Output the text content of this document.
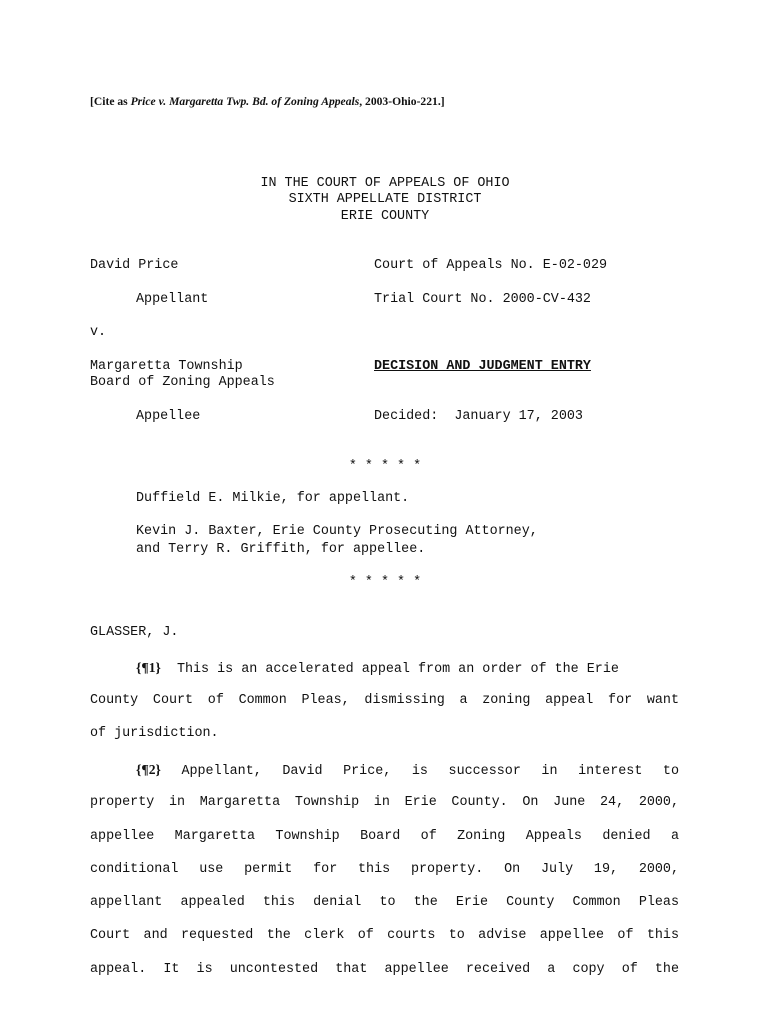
[Cite as Price v. Margaretta Twp. Bd. of Zoning Appeals, 2003-Ohio-221.]
IN THE COURT OF APPEALS OF OHIO
SIXTH APPELLATE DISTRICT
ERIE COUNTY
David Price	Court of Appeals No. E-02-029
Appellant	Trial Court No. 2000-CV-432
v.
Margaretta Township	DECISION AND JUDGMENT ENTRY
Board of Zoning Appeals
Appellee	Decided:  January 17, 2003
* * * * *
Duffield E. Milkie, for appellant.
Kevin J. Baxter, Erie County Prosecuting Attorney,
and Terry R. Griffith, for appellee.
* * * * *
GLASSER, J.
{¶1} This is an accelerated appeal from an order of the Erie
County Court of Common Pleas, dismissing a zoning appeal for want
of jurisdiction.
{¶2} Appellant, David Price, is successor in interest to
property in Margaretta Township in Erie County. On June 24, 2000,
appellee Margaretta Township Board of Zoning Appeals denied a
conditional use permit for this property. On July 19, 2000,
appellant appealed this denial to the Erie County Common Pleas
Court and requested the clerk of courts to advise appellee of this
appeal. It is uncontested that appellee received a copy of the
